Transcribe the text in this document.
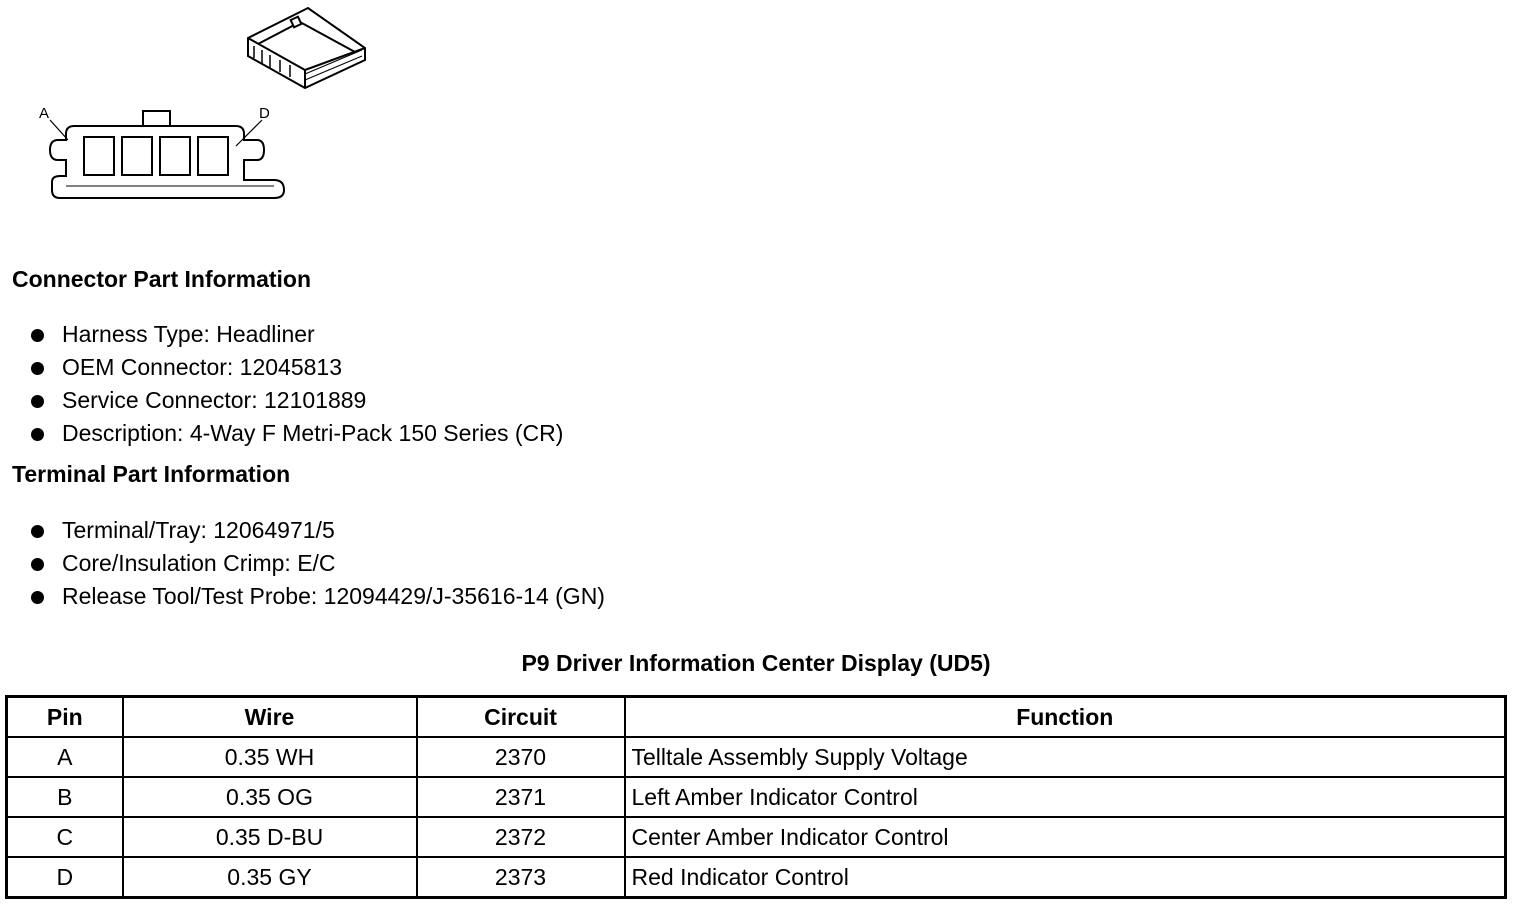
A	D
Connector Part Information
Harness Type: Headliner
OEM Connector: 12045813
Service Connector: 12101889
Description: 4-Way F Metri-Pack 150 Series (CR)
Terminal Part Information
Terminal/Tray: 12064971/5
Core/Insulation Crimp: E/C
Release Tool/Test Probe: 12094429/J-35616-14 (GN)
P9 Driver Information Center Display (UD5)
Pin	Wire	Circuit	Function
A	0.35 WH	2370	Telltale Assembly Supply Voltage
B	0.35 OG	2371	Left Amber Indicator Control
C	0.35 D-BU	2372	Center Amber Indicator Control
D	0.35 GY	2373	Red Indicator Control
